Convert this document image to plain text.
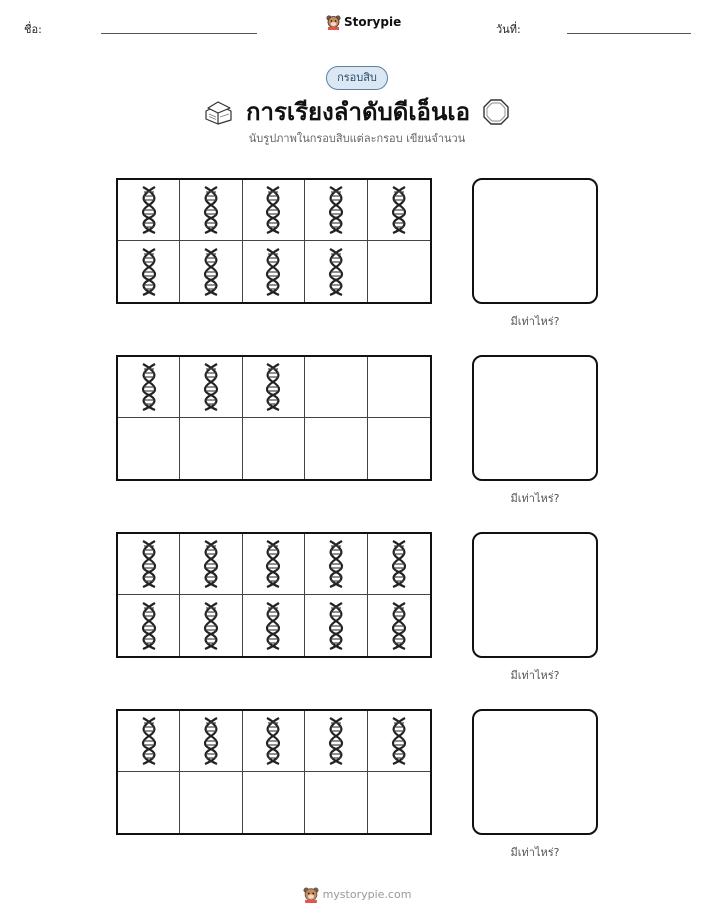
ชื่อ:
Storypie
วันที่:
กรอบสิบ
การเรียงลำดับดีเอ็นเอ
นับรูปภาพในกรอบสิบแต่ละกรอบ เขียนจำนวน
มีเท่าไหร่?
มีเท่าไหร่?
มีเท่าไหร่?
มีเท่าไหร่?
mystorypie.com
